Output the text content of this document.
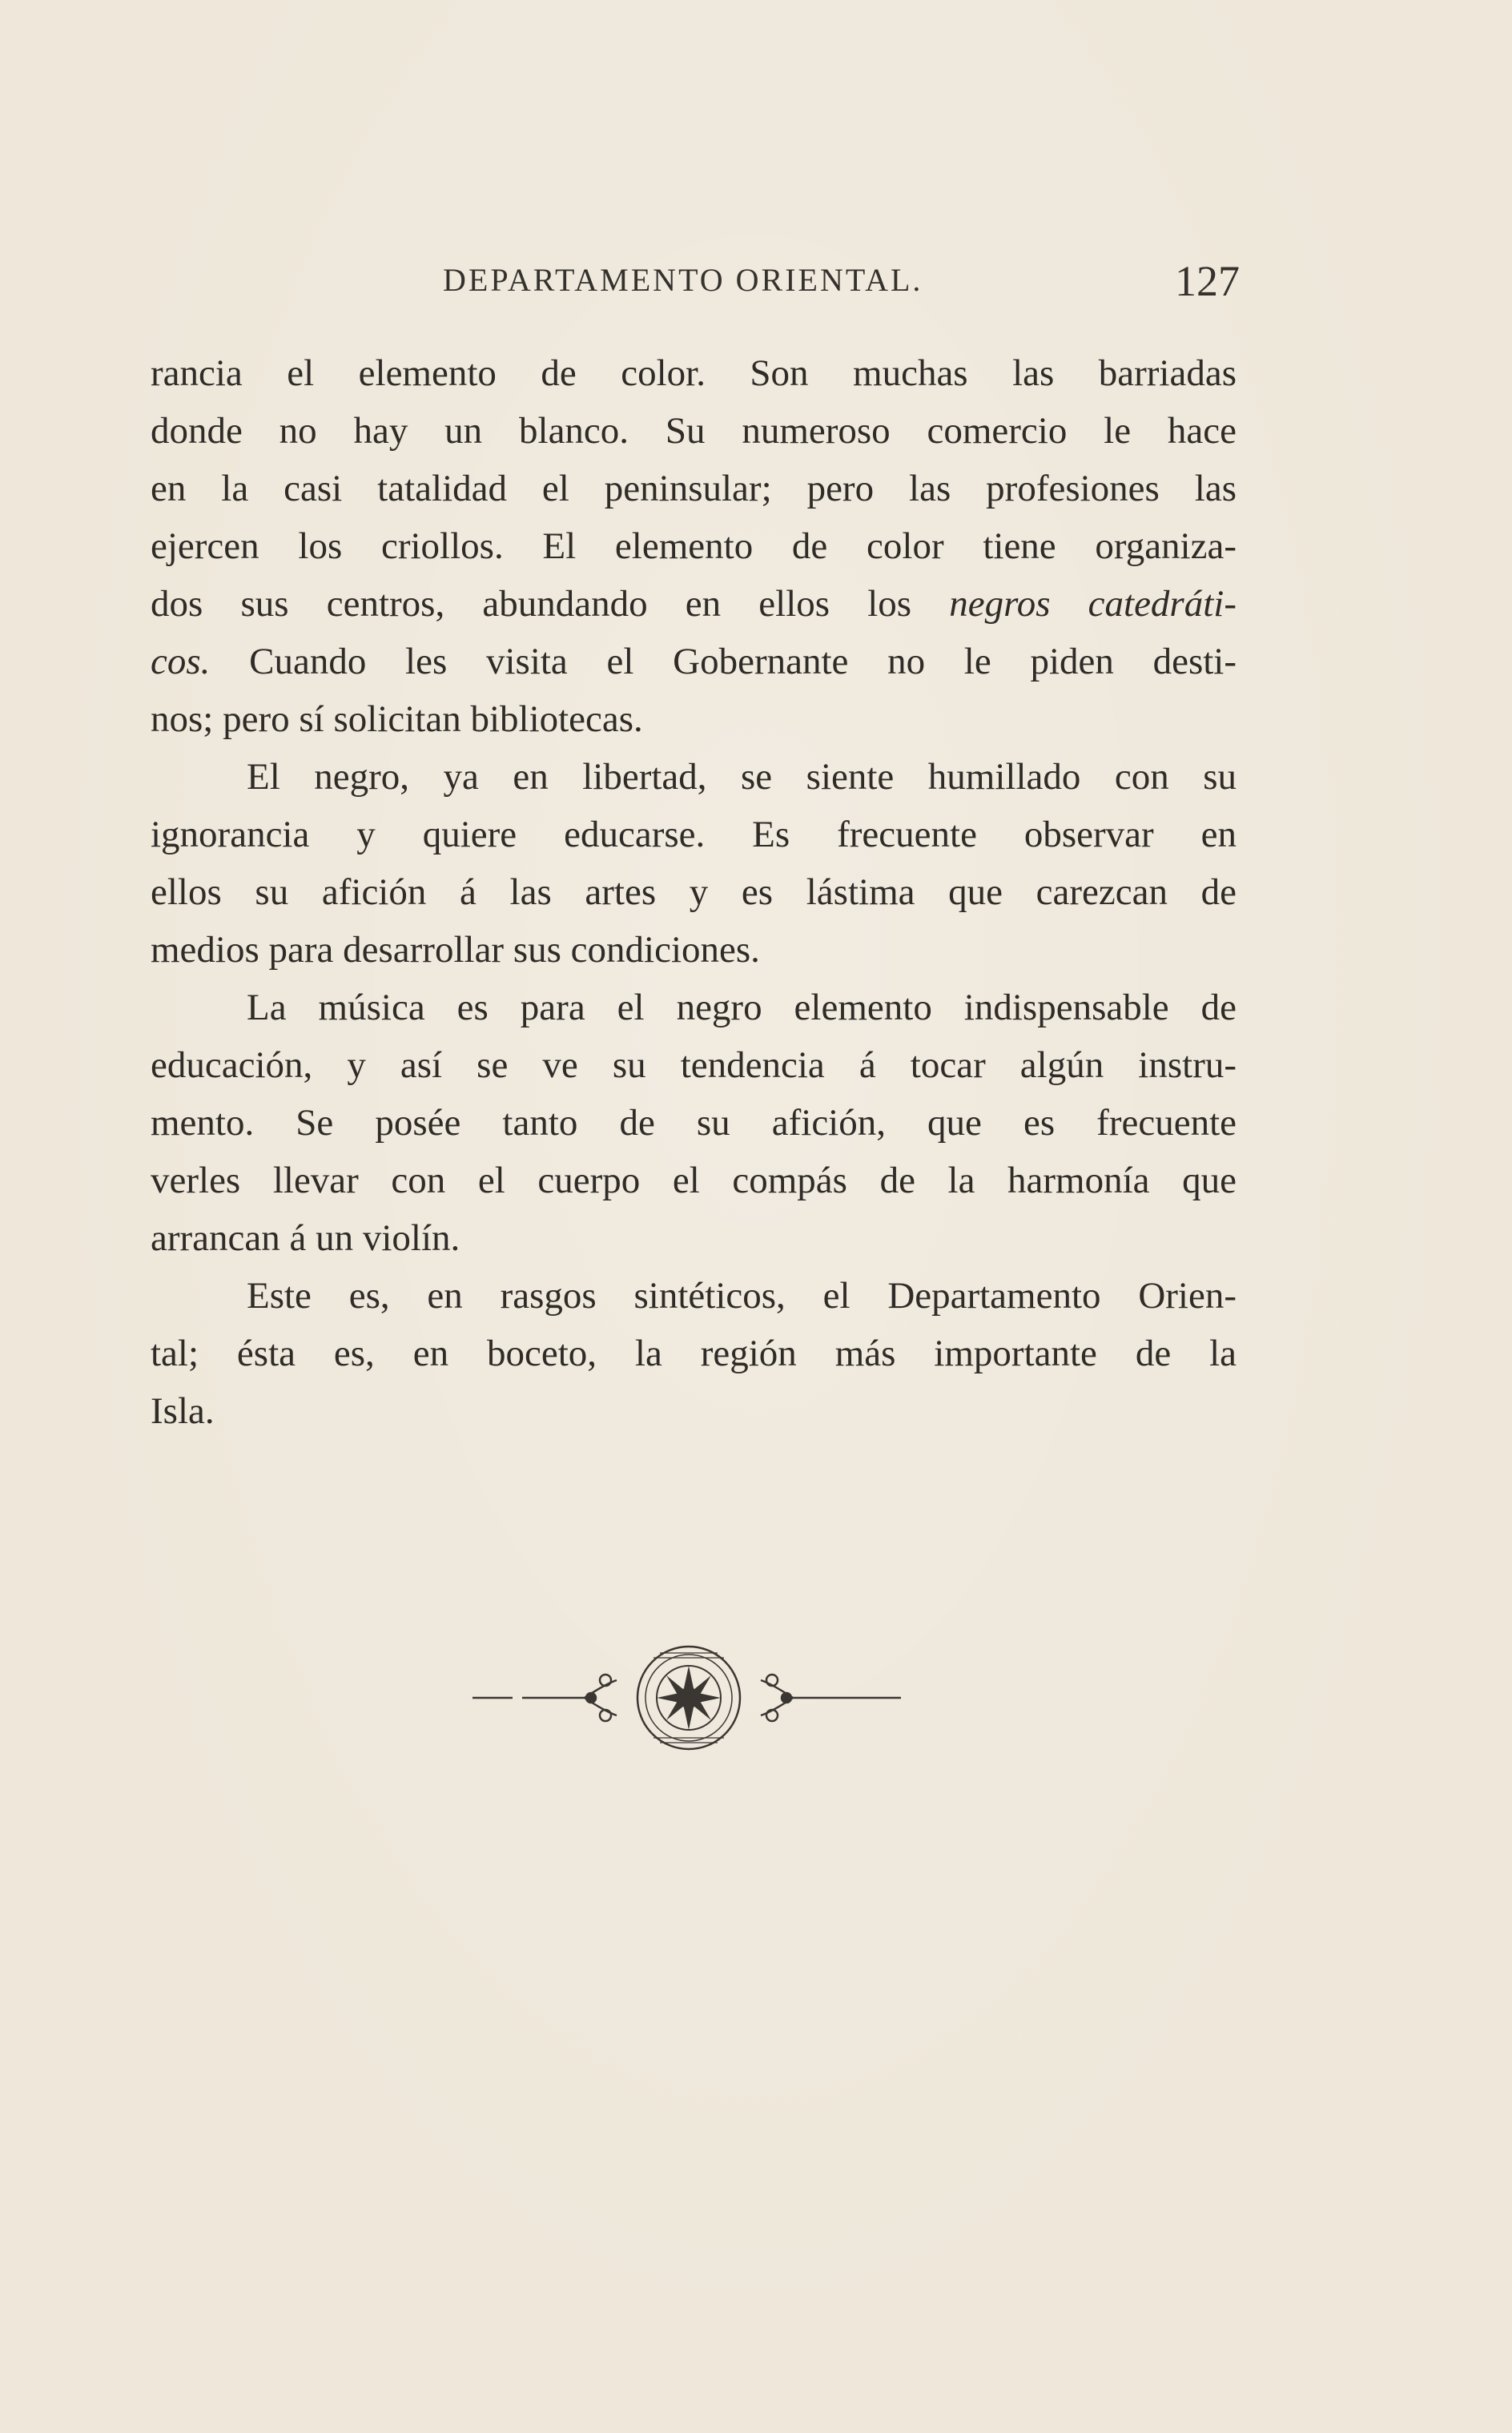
DEPARTAMENTO ORIENTAL.	127

rancia el elemento de color. Son muchas las barriadas
donde no hay un blanco. Su numeroso comercio le hace
en la casi tatalidad el peninsular; pero las profesiones las
ejercen los criollos. El elemento de color tiene organiza-
dos sus centros, abundando en ellos los negros catedráti-
cos. Cuando les visita el Gobernante no le piden desti-
nos; pero sí solicitan bibliotecas.

El negro, ya en libertad, se siente humillado con su
ignorancia y quiere educarse. Es frecuente observar en
ellos su afición á las artes y es lástima que carezcan de
medios para desarrollar sus condiciones.

La música es para el negro elemento indispensable de
educación, y así se ve su tendencia á tocar algún instru-
mento. Se posée tanto de su afición, que es frecuente
verles llevar con el cuerpo el compás de la harmonía que
arrancan á un violín.

Este es, en rasgos sintéticos, el Departamento Orien-
tal; ésta es, en boceto, la región más importante de la
Isla.
